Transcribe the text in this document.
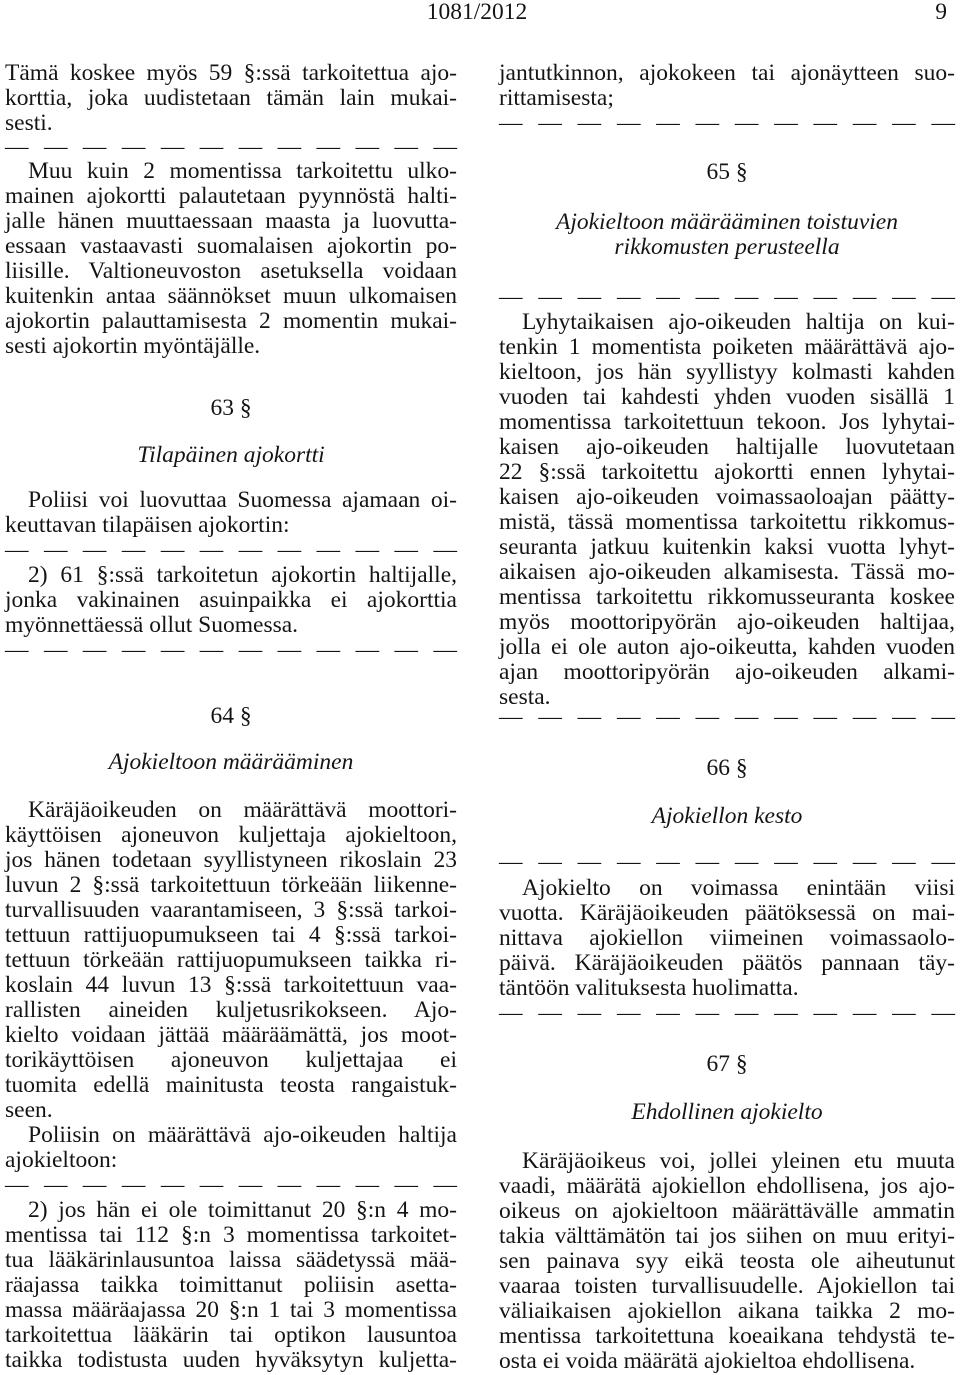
1081/2012	9
Tämä koskee myös 59 §:ssä tarkoitettua ajo-
korttia, joka uudistetaan tämän lain mukai-
sesti.
— — — — — — — — — — — —
Muu kuin 2 momentissa tarkoitettu ulko-
mainen ajokortti palautetaan pyynnöstä halti-
jalle hänen muuttaessaan maasta ja luovutta-
essaan vastaavasti suomalaisen ajokortin po-
liisille. Valtioneuvoston asetuksella voidaan
kuitenkin antaa säännökset muun ulkomaisen
ajokortin palauttamisesta 2 momentin mukai-
sesti ajokortin myöntäjälle.
63 §
Tilapäinen ajokortti
Poliisi voi luovuttaa Suomessa ajamaan oi-
keuttavan tilapäisen ajokortin:
— — — — — — — — — — — —
2) 61 §:ssä tarkoitetun ajokortin haltijalle,
jonka vakinainen asuinpaikka ei ajokorttia
myönnettäessä ollut Suomessa.
— — — — — — — — — — — —
64 §
Ajokieltoon määrääminen
Käräjäoikeuden on määrättävä moottori-
käyttöisen ajoneuvon kuljettaja ajokieltoon,
jos hänen todetaan syyllistyneen rikoslain 23
luvun 2 §:ssä tarkoitettuun törkeään liikenne-
turvallisuuden vaarantamiseen, 3 §:ssä tarkoi-
tettuun rattijuopumukseen tai 4 §:ssä tarkoi-
tettuun törkeään rattijuopumukseen taikka ri-
koslain 44 luvun 13 §:ssä tarkoitettuun vaa-
rallisten aineiden kuljetusrikokseen. Ajo-
kielto voidaan jättää määräämättä, jos moot-
torikäyttöisen ajoneuvon kuljettajaa ei
tuomita edellä mainitusta teosta rangaistuk-
seen.
Poliisin on määrättävä ajo-oikeuden haltija
ajokieltoon:
— — — — — — — — — — — —
2) jos hän ei ole toimittanut 20 §:n 4 mo-
mentissa tai 112 §:n 3 momentissa tarkoitet-
tua lääkärinlausuntoa laissa säädetyssä mää-
räajassa taikka toimittanut poliisin asetta-
massa määräajassa 20 §:n 1 tai 3 momentissa
tarkoitettua lääkärin tai optikon lausuntoa
taikka todistusta uuden hyväksytyn kuljetta-
jantutkinnon, ajokokeen tai ajonäytteen suo-
rittamisesta;
— — — — — — — — — — — —
65 §
Ajokieltoon määrääminen toistuvien
rikkomusten perusteella
— — — — — — — — — — — —
Lyhytaikaisen ajo-oikeuden haltija on kui-
tenkin 1 momentista poiketen määrättävä ajo-
kieltoon, jos hän syyllistyy kolmasti kahden
vuoden tai kahdesti yhden vuoden sisällä 1
momentissa tarkoitettuun tekoon. Jos lyhytai-
kaisen ajo-oikeuden haltijalle luovutetaan
22 §:ssä tarkoitettu ajokortti ennen lyhytai-
kaisen ajo-oikeuden voimassaoloajan päätty-
mistä, tässä momentissa tarkoitettu rikkomus-
seuranta jatkuu kuitenkin kaksi vuotta lyhyt-
aikaisen ajo-oikeuden alkamisesta. Tässä mo-
mentissa tarkoitettu rikkomusseuranta koskee
myös moottoripyörän ajo-oikeuden haltijaa,
jolla ei ole auton ajo-oikeutta, kahden vuoden
ajan moottoripyörän ajo-oikeuden alkami-
sesta.
— — — — — — — — — — — —
66 §
Ajokiellon kesto
— — — — — — — — — — — —
Ajokielto on voimassa enintään viisi
vuotta. Käräjäoikeuden päätöksessä on mai-
nittava ajokiellon viimeinen voimassaolo-
päivä. Käräjäoikeuden päätös pannaan täy-
täntöön valituksesta huolimatta.
— — — — — — — — — — — —
67 §
Ehdollinen ajokielto
Käräjäoikeus voi, jollei yleinen etu muuta
vaadi, määrätä ajokiellon ehdollisena, jos ajo-
oikeus on ajokieltoon määrättävälle ammatin
takia välttämätön tai jos siihen on muu erityi-
sen painava syy eikä teosta ole aiheutunut
vaaraa toisten turvallisuudelle. Ajokiellon tai
väliaikaisen ajokiellon aikana taikka 2 mo-
mentissa tarkoitettuna koeaikana tehdystä te-
osta ei voida määrätä ajokieltoa ehdollisena.
